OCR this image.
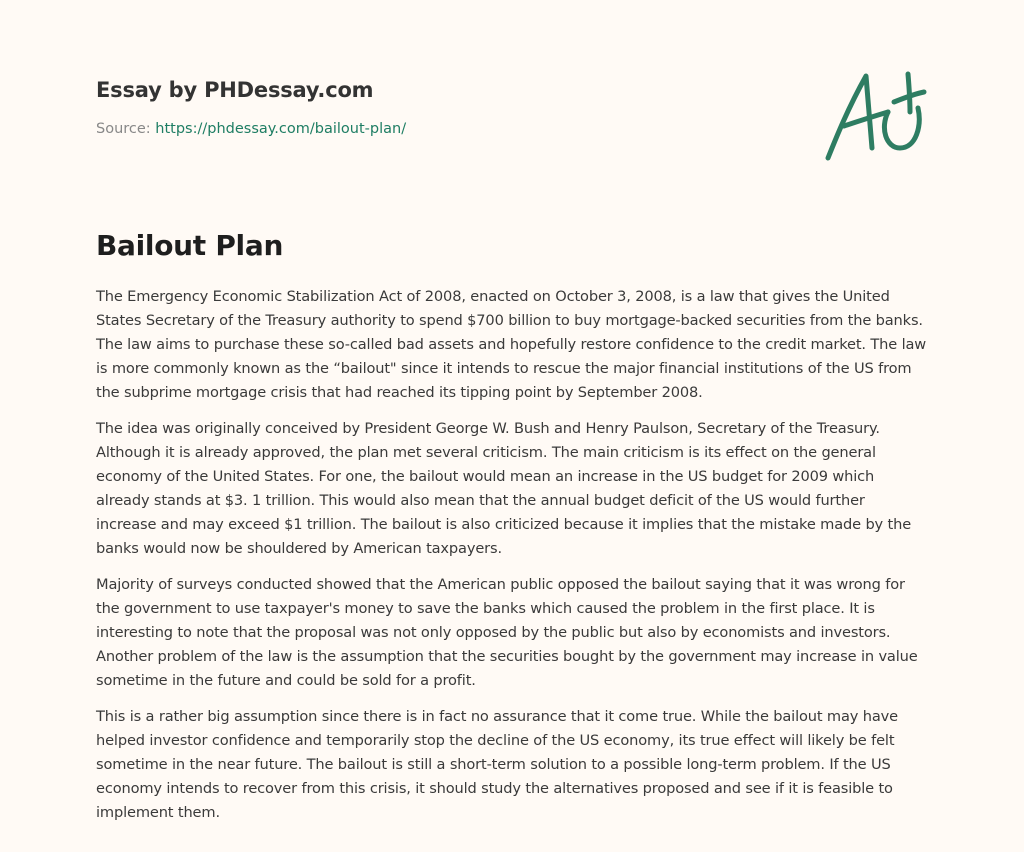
Essay by PHDessay.com
Source: https://phdessay.com/bailout-plan/
Bailout Plan

The Emergency Economic Stabilization Act of 2008, enacted on October 3, 2008, is a law that gives the United States Secretary of the Treasury authority to spend $700 billion to buy mortgage-backed securities from the banks. The law aims to purchase these so-called bad assets and hopefully restore confidence to the credit market. The law is more commonly known as the “bailout" since it intends to rescue the major financial institutions of the US from the subprime mortgage crisis that had reached its tipping point by September 2008.

The idea was originally conceived by President George W. Bush and Henry Paulson, Secretary of the Treasury. Although it is already approved, the plan met several criticism. The main criticism is its effect on the general economy of the United States. For one, the bailout would mean an increase in the US budget for 2009 which already stands at $3. 1 trillion. This would also mean that the annual budget deficit of the US would further increase and may exceed $1 trillion. The bailout is also criticized because it implies that the mistake made by the banks would now be shouldered by American taxpayers.

Majority of surveys conducted showed that the American public opposed the bailout saying that it was wrong for the government to use taxpayer's money to save the banks which caused the problem in the first place. It is interesting to note that the proposal was not only opposed by the public but also by economists and investors. Another problem of the law is the assumption that the securities bought by the government may increase in value sometime in the future and could be sold for a profit.

This is a rather big assumption since there is in fact no assurance that it come true. While the bailout may have helped investor confidence and temporarily stop the decline of the US economy, its true effect will likely be felt sometime in the near future. The bailout is still a short-term solution to a possible long-term problem. If the US economy intends to recover from this crisis, it should study the alternatives proposed and see if it is feasible to implement them.
